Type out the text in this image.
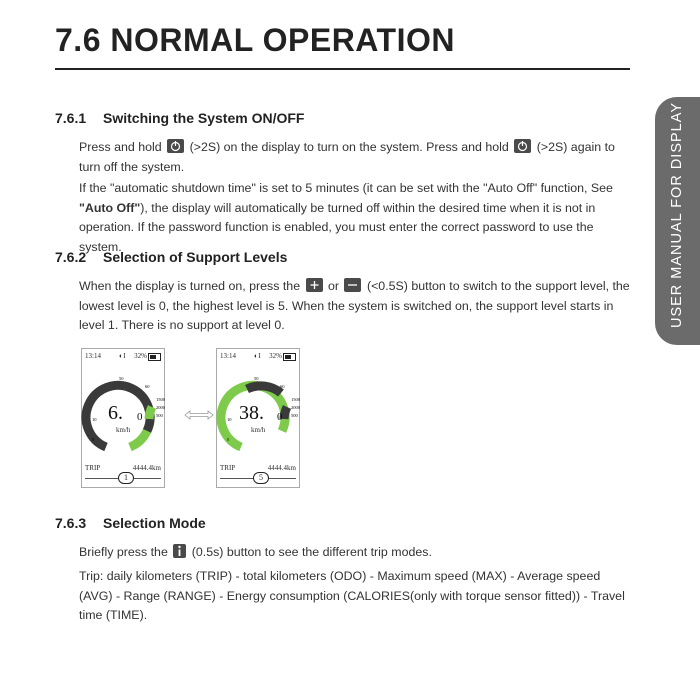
7.6 NORMAL OPERATION
USER MANUAL FOR DISPLAY
7.6.1 Switching the System ON/OFF
Press and hold (>2S) on the display to turn on the system. Press and hold (>2S) again to turn off the system.
If the "automatic shutdown time" is set to 5 minutes (it can be set with the "Auto Off" function, See "Auto Off"), the display will automatically be turned off within the desired time when it is not in operation. If the password function is enabled, you must enter the correct password to use the system.
7.6.2 Selection of Support Levels
When the display is turned on, press the or (<0.5S) button to switch to the support level, the lowest level is 0, the highest level is 5. When the system is switched on, the support level starts in level 1. There is no support at level 0.
13:14	◐I 32%
10
50
60
1500
2000
500
0
6. 0
km/h
TRIP	4444.4km
1
13:14	◐I 32%
10
50
60
1500
2000
500
0
38. 0
km/h
TRIP	4444.4km
5
7.6.3 Selection Mode
Briefly press the (0.5s) button to see the different trip modes.
Trip: daily kilometers (TRIP) - total kilometers (ODO) - Maximum speed (MAX) - Average speed (AVG) - Range (RANGE) - Energy consumption (CALORIES(only with torque sensor fitted)) - Travel time (TIME).
